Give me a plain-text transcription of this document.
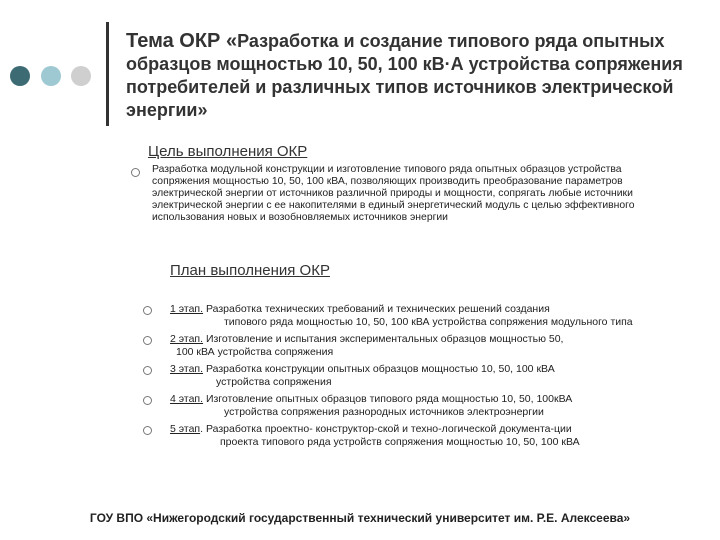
Тема ОКР «Разработка и создание типового ряда опытных образцов мощностью 10, 50, 100 кВ·А устройства сопряжения потребителей и различных типов источников электрической энергии»
Цель выполнения ОКР
Разработка модульной конструкции и изготовление типового ряда опытных образцов устройства сопряжения мощностью 10, 50, 100 кВА, позволяющих производить преобразование параметров электрической энергии от источников различной природы и мощности, сопрягать любые источники электрической энергии с ее накопителями в единый энергетический модуль с целью эффективного использования новых и возобновляемых источников энергии
План выполнения ОКР
1 этап. Разработка технических требований и технических решений создания
типового ряда мощностью 10, 50, 100 кВА устройства сопряжения модульного типа
2 этап. Изготовление и испытания экспериментальных образцов мощностью 50,
100 кВА устройства сопряжения
3 этап. Разработка конструкции опытных образцов мощностью 10, 50, 100 кВА
устройства сопряжения
4 этап. Изготовление опытных образцов типового ряда мощностью 10, 50, 100кВА
устройства сопряжения разнородных источников электроэнергии
5 этап. Разработка проектно- конструктор-ской и техно-логической документа-ции
проекта типового ряда устройств сопряжения мощностью 10, 50, 100 кВА
ГОУ ВПО «Нижегородский государственный технический университет им. Р.Е. Алексеева»
